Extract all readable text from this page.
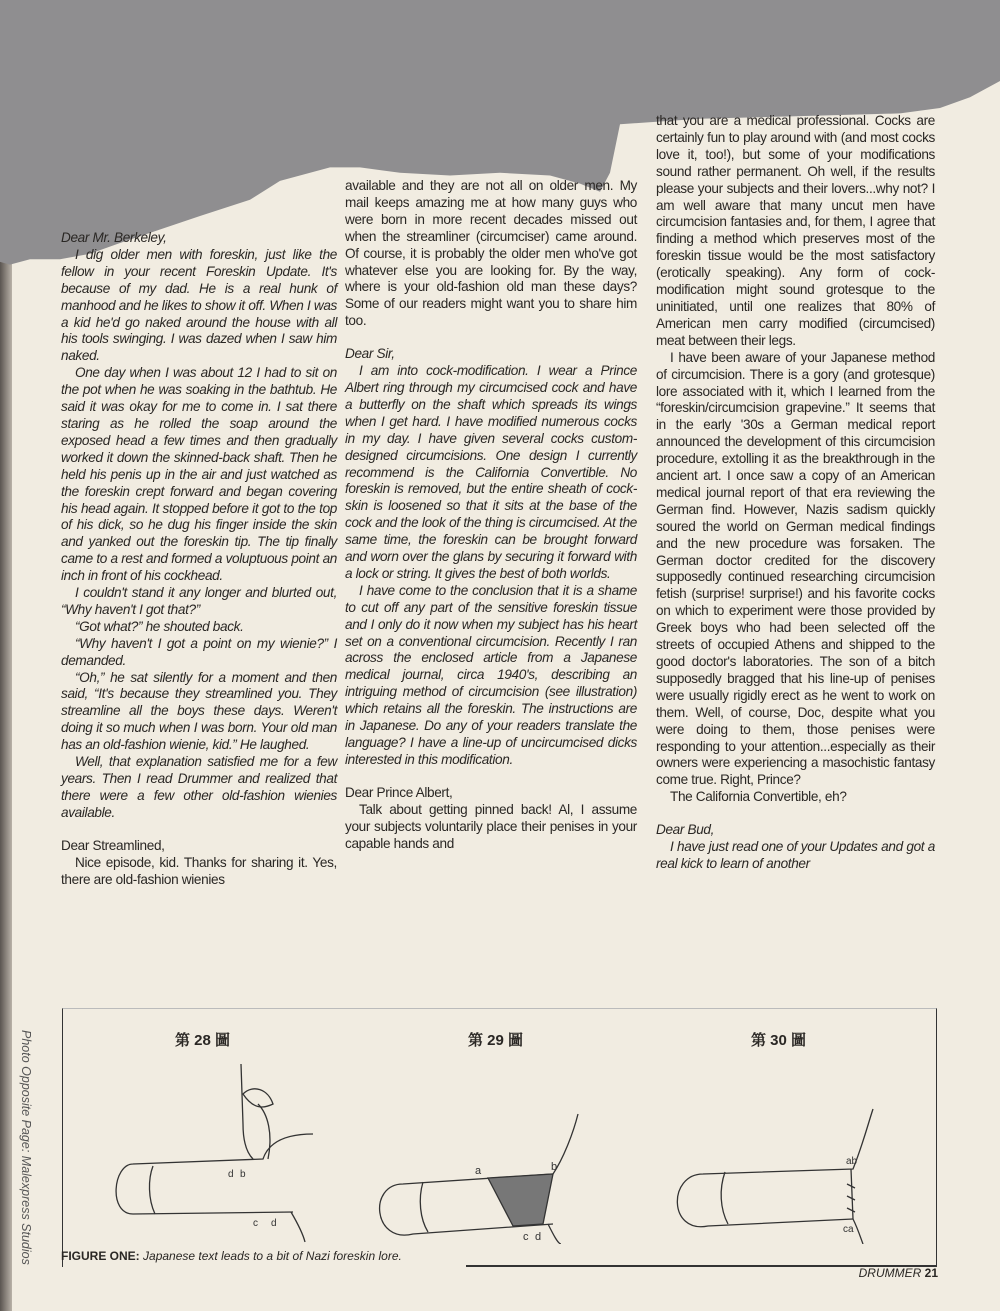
Dear Mr. Berkeley,

I dig older men with foreskin, just like the fellow in your recent Foreskin Update. It's because of my dad. He is a real hunk of manhood and he likes to show it off. When I was a kid he'd go naked around the house with all his tools swinging. I was dazed when I saw him naked.

One day when I was about 12 I had to sit on the pot when he was soaking in the bathtub. He said it was okay for me to come in. I sat there staring as he rolled the soap around the exposed head a few times and then gradually worked it down the skinned-back shaft. Then he held his penis up in the air and just watched as the foreskin crept forward and began covering his head again. It stopped before it got to the top of his dick, so he dug his finger inside the skin and yanked out the foreskin tip. The tip finally came to a rest and formed a voluptuous point an inch in front of his cockhead.

I couldn't stand it any longer and blurted out, “Why haven't I got that?”

“Got what?” he shouted back.

“Why haven't I got a point on my wienie?” I demanded.

“Oh,” he sat silently for a moment and then said, “It's because they streamlined you. They streamline all the boys these days. Weren't doing it so much when I was born. Your old man has an old-fashion wienie, kid.” He laughed.

Well, that explanation satisfied me for a few years. Then I read Drummer and realized that there were a few other old-fashion wienies available.

Dear Streamlined,

Nice episode, kid. Thanks for sharing it. Yes, there are old-fashion wienies

available and they are not all on older men. My mail keeps amazing me at how many guys who were born in more recent decades missed out when the streamliner (circumciser) came around. Of course, it is probably the older men who've got whatever else you are looking for. By the way, where is your old-fashion old man these days? Some of our readers might want you to share him too.

Dear Sir,

I am into cock-modification. I wear a Prince Albert ring through my circumcised cock and have a butterfly on the shaft which spreads its wings when I get hard. I have modified numerous cocks in my day. I have given several cocks custom-designed circumcisions. One design I currently recommend is the California Convertible. No foreskin is removed, but the entire sheath of cock-skin is loosened so that it sits at the base of the cock and the look of the thing is circumcised. At the same time, the foreskin can be brought forward and worn over the glans by securing it forward with a lock or string. It gives the best of both worlds.

I have come to the conclusion that it is a shame to cut off any part of the sensitive foreskin tissue and I only do it now when my subject has his heart set on a conventional circumcision. Recently I ran across the enclosed article from a Japanese medical journal, circa 1940's, describing an intriguing method of circumcision (see illustration) which retains all the foreskin. The instructions are in Japanese. Do any of your readers translate the language? I have a line-up of uncircumcised dicks interested in this modification.

Dear Prince Albert,

Talk about getting pinned back! Al, I assume your subjects voluntarily place their penises in your capable hands and

that you are a medical professional. Cocks are certainly fun to play around with (and most cocks love it, too!), but some of your modifications sound rather permanent. Oh well, if the results please your subjects and their lovers...why not? I am well aware that many uncut men have circumcision fantasies and, for them, I agree that finding a method which preserves most of the foreskin tissue would be the most satisfactory (erotically speaking). Any form of cock-modification might sound grotesque to the uninitiated, until one realizes that 80% of American men carry modified (circumcised) meat between their legs.

I have been aware of your Japanese method of circumcision. There is a gory (and grotesque) lore associated with it, which I learned from the “foreskin/circumcision grapevine.” It seems that in the early '30s a German medical report announced the development of this circumcision procedure, extolling it as the breakthrough in the ancient art. I once saw a copy of an American medical journal report of that era reviewing the German find. However, Nazis sadism quickly soured the world on German medical findings and the new procedure was forsaken. The German doctor credited for the discovery supposedly continued researching circumcision fetish (surprise! surprise!) and his favorite cocks on which to experiment were those provided by Greek boys who had been selected off the streets of occupied Athens and shipped to the good doctor's laboratories. The son of a bitch supposedly bragged that his line-up of penises were usually rigidly erect as he went to work on them. Well, of course, Doc, despite what you were doing to them, those penises were responding to your attention...especially as their owners were experiencing a masochistic fantasy come true. Right, Prince?

The California Convertible, eh?

Dear Bud,

I have just read one of your Updates and got a real kick to learn of another

第 28 圖	第 29 圖	第 30 圖
d b
c d
a	b
c d
ab
ca
FIGURE ONE: Japanese text leads to a bit of Nazi foreskin lore.
DRUMMER 21
Photo Opposite Page: Malexpress Studios
